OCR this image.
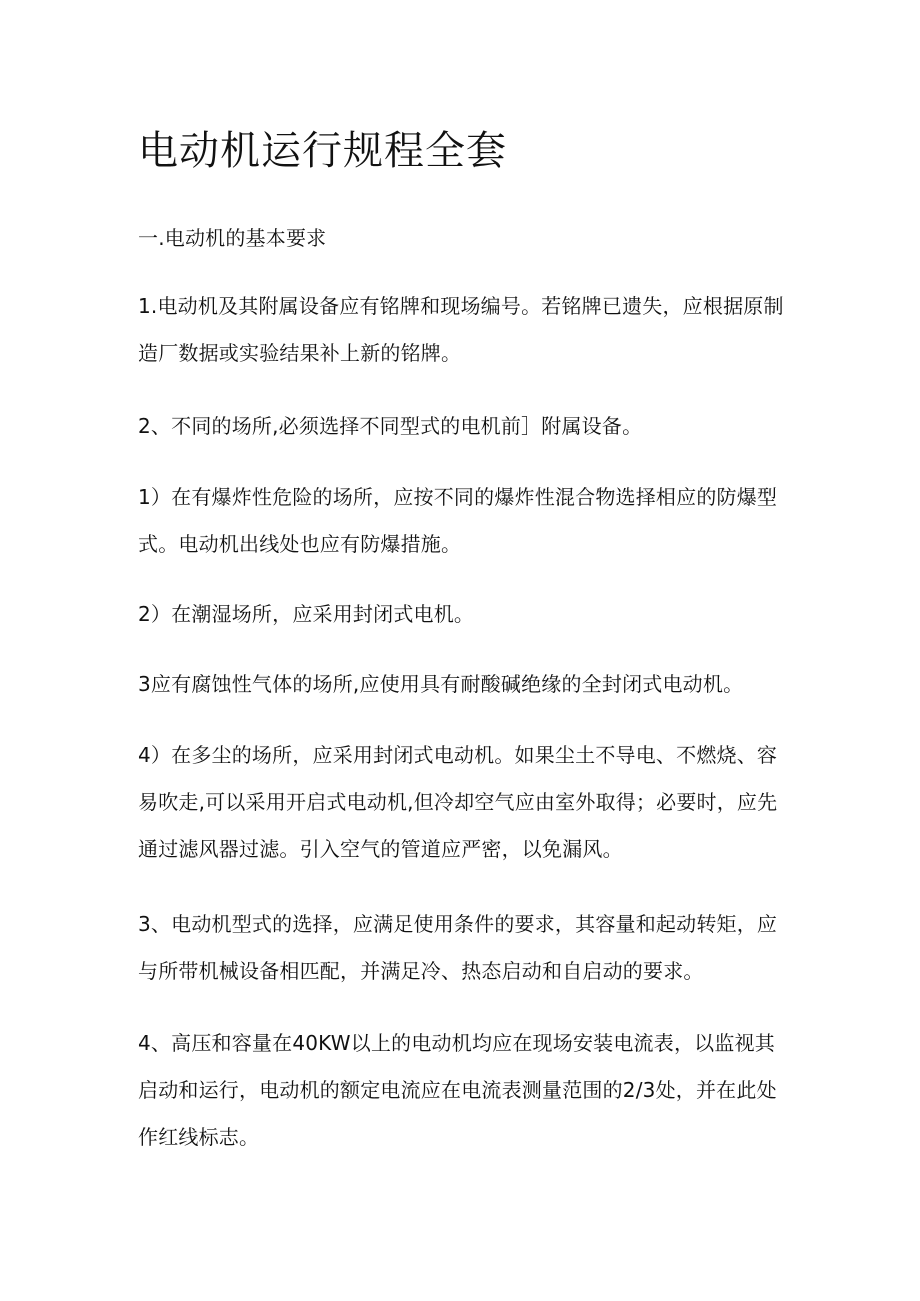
电动机运行规程全套

一.电动机的基本要求

1.电动机及其附属设备应有铭牌和现场编号。若铭牌已遗失，应根据原制造厂数据或实验结果补上新的铭牌。

2、不同的场所,必须选择不同型式的电机前］附属设备。

1）在有爆炸性危险的场所，应按不同的爆炸性混合物选择相应的防爆型式。电动机出线处也应有防爆措施。

2）在潮湿场所，应采用封闭式电机。

3应有腐蚀性气体的场所,应使用具有耐酸碱绝缘的全封闭式电动机。

4）在多尘的场所，应采用封闭式电动机。如果尘土不导电、不燃烧、容易吹走,可以采用开启式电动机,但冷却空气应由室外取得；必要时，应先通过滤风器过滤。引入空气的管道应严密，以免漏风。

3、电动机型式的选择，应满足使用条件的要求，其容量和起动转矩，应与所带机械设备相匹配，并满足冷、热态启动和自启动的要求。

4、高压和容量在40KW以上的电动机均应在现场安装电流表，以监视其启动和运行，电动机的额定电流应在电流表测量范围的2/3处，并在此处作红线标志。
